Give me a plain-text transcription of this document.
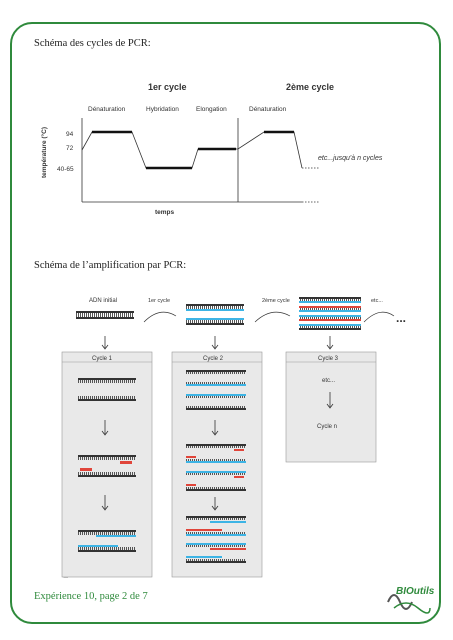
Schéma des cycles de PCR:
1er cycle	2ème cycle
Dénaturation	Hybridation	Elongation	Dénaturation
94
72
40-65
temps
etc...jusqu'à n cycles
température (°C)
Schéma de l’amplification par PCR:
ADN initial	1er cycle	2ème cycle	etc...
...
Cycle 1	Cycle 2	Cycle 3
etc...
Cycle n
Expérience 10, page 2 de 7	BIOutils
